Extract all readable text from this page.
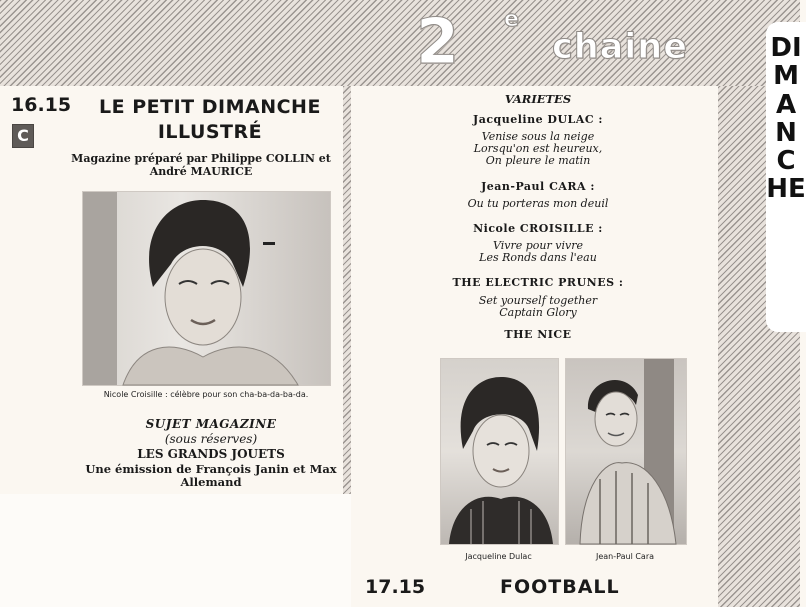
2 e
chaine	DIMANCHE
16.15	LE PETIT DIMANCHE ILLUSTRÉ
C
Magazine préparé par Philippe COLLIN et André MAURICE
Nicole Croisille : célèbre pour son cha-ba-da-ba-da.
SUJET MAGAZINE
(sous réserves)
LES GRANDS JOUETS
Une émission de François Janin et Max Allemand
VARIETES
Jacqueline DULAC :
Venise sous la neige
Lorsqu'on est heureux,
On pleure le matin
Jean-Paul CARA :
Ou tu porteras mon deuil
Nicole CROISILLE :
Vivre pour vivre
Les Ronds dans l'eau
THE ELECTRIC PRUNES :
Set yourself together
Captain Glory
THE NICE
Jacqueline Dulac	Jean-Paul Cara
17.15	FOOTBALL
